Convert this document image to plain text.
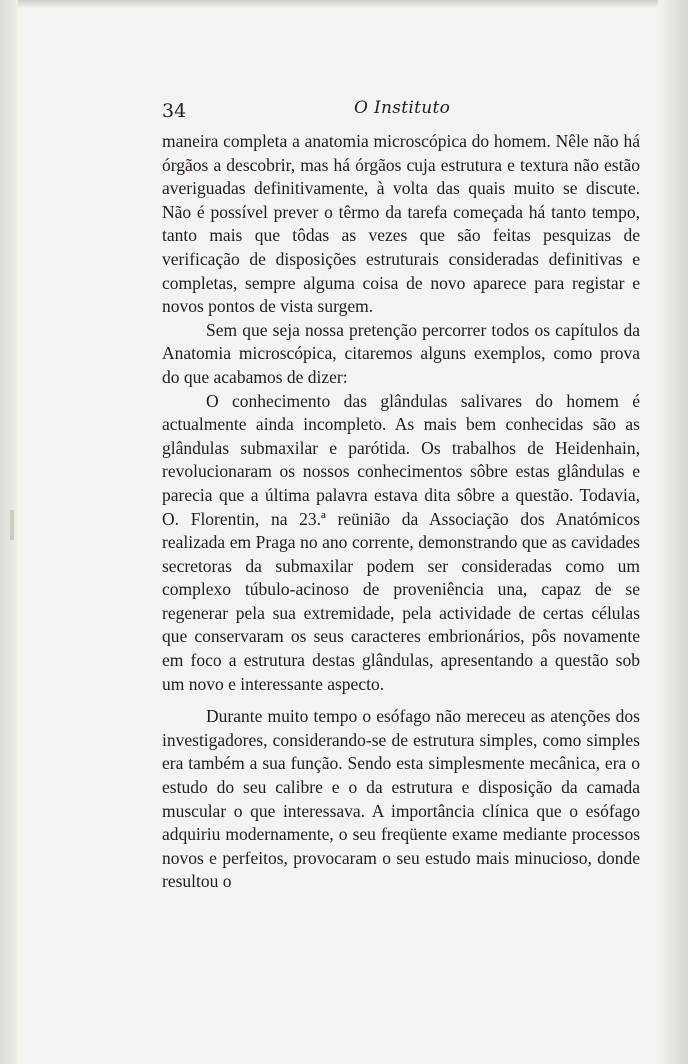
34	O Instituto

maneira completa a anatomia microscópica do homem. Nêle não há órgãos a descobrir, mas há órgãos cuja estrutura e textura não estão averiguadas definitivamente, à volta das quais muito se discute. Não é possível prever o têrmo da tarefa começada há tanto tempo, tanto mais que tôdas as vezes que são feitas pesquizas de verificação de disposições estruturais consideradas definitivas e completas, sempre alguma coisa de novo aparece para registar e novos pontos de vista surgem.

Sem que seja nossa pretenção percorrer todos os capítulos da Anatomia microscópica, citaremos alguns exemplos, como prova do que acabamos de dizer:

O conhecimento das glândulas salivares do homem é actualmente ainda incompleto. As mais bem conhecidas são as glândulas submaxilar e parótida. Os trabalhos de Heidenhain, revolucionaram os nossos conhecimentos sôbre estas glândulas e parecia que a última palavra estava dita sôbre a questão. Todavia, O. Florentin, na 23.ª reünião da Associação dos Anatómicos realizada em Praga no ano corrente, demonstrando que as cavidades secretoras da submaxilar podem ser consideradas como um complexo túbulo-acinoso de proveniência una, capaz de se regenerar pela sua extremidade, pela actividade de certas células que conservaram os seus caracteres embrionários, pôs novamente em foco a estrutura destas glândulas, apresentando a questão sob um novo e interessante aspecto.

Durante muito tempo o esófago não mereceu as atenções dos investigadores, considerando-se de estrutura simples, como simples era também a sua função. Sendo esta simplesmente mecânica, era o estudo do seu calibre e o da estrutura e disposição da camada muscular o que interessava. A importância clínica que o esófago adquiriu modernamente, o seu freqüente exame mediante processos novos e perfeitos, provocaram o seu estudo mais minucioso, donde resultou o
